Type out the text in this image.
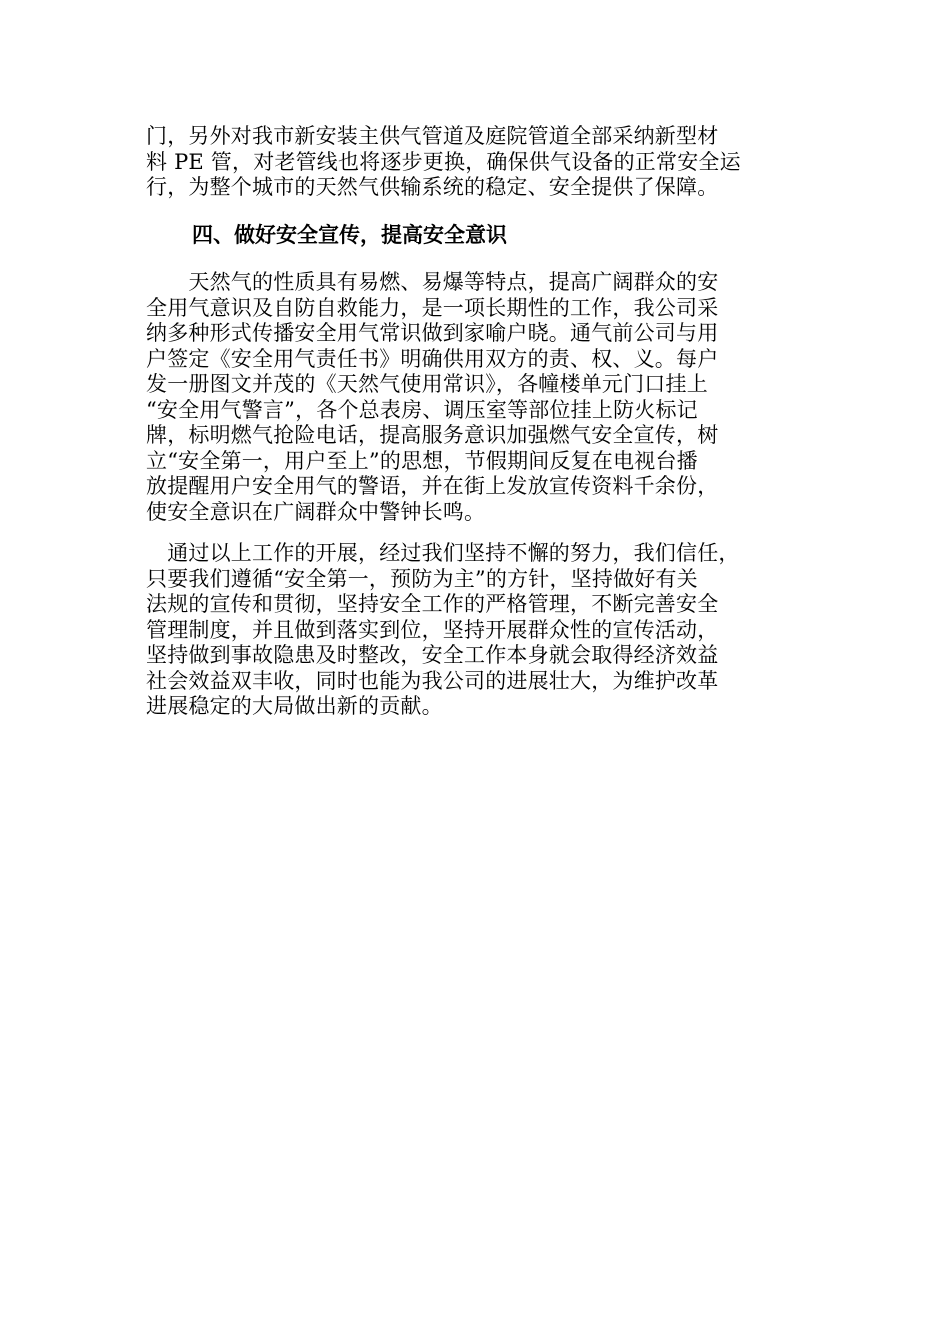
门，另外对我市新安装主供气管道及庭院管道全部采纳新型材
料 PE 管，对老管线也将逐步更换，确保供气设备的正常安全运
行，为整个城市的天然气供输系统的稳定、安全提供了保障。

四、做好安全宣传，提高安全意识

　　天然气的性质具有易燃、易爆等特点，提高广阔群众的安
全用气意识及自防自救能力，是一项长期性的工作，我公司采
纳多种形式传播安全用气常识做到家喻户晓。通气前公司与用
户签定《安全用气责任书》明确供用双方的责、权、义。每户
发一册图文并茂的《天然气使用常识》，各幢楼单元门口挂上
“安全用气警言”，各个总表房、调压室等部位挂上防火标记
牌，标明燃气抢险电话，提高服务意识加强燃气安全宣传，树
立“安全第一，用户至上”的思想，节假期间反复在电视台播
放提醒用户安全用气的警语，并在街上发放宣传资料千余份，
使安全意识在广阔群众中警钟长鸣。

　通过以上工作的开展，经过我们坚持不懈的努力，我们信任，
只要我们遵循“安全第一，预防为主”的方针，坚持做好有关
法规的宣传和贯彻，坚持安全工作的严格管理，不断完善安全
管理制度，并且做到落实到位，坚持开展群众性的宣传活动，
坚持做到事故隐患及时整改，安全工作本身就会取得经济效益
社会效益双丰收，同时也能为我公司的进展壮大，为维护改革
进展稳定的大局做出新的贡献。
